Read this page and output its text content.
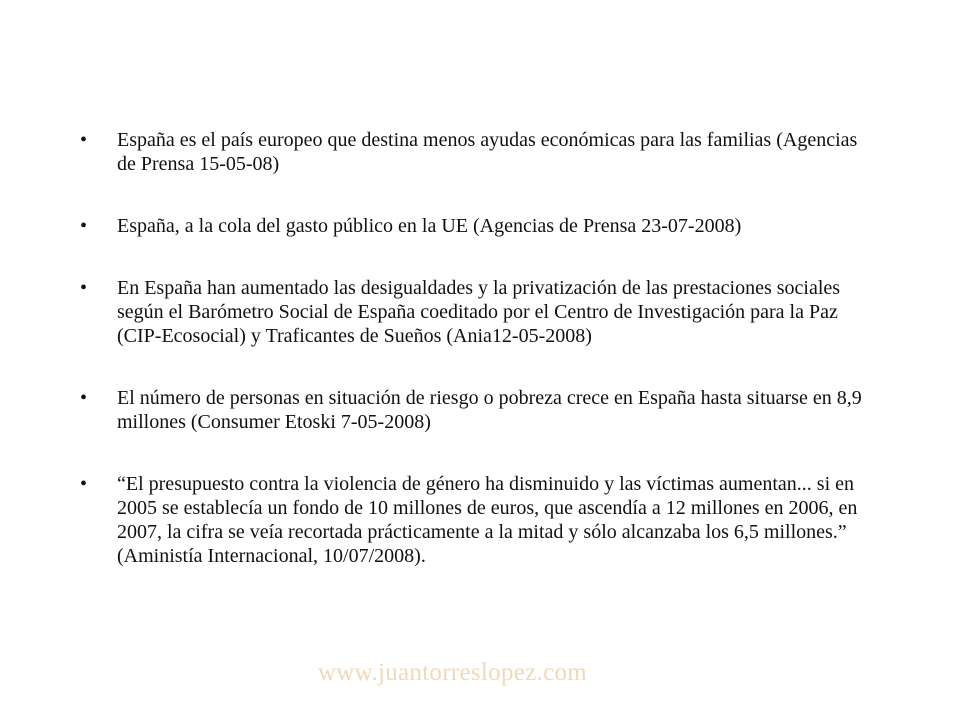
• España es el país europeo que destina menos ayudas económicas para las familias (Agencias de Prensa 15-05-08)
• España, a la cola del gasto público en la UE (Agencias de Prensa 23-07-2008)
• En España han aumentado las desigualdades y la privatización de las prestaciones sociales según el Barómetro Social de España coeditado por el Centro de Investigación para la Paz (CIP-Ecosocial) y Traficantes de Sueños (Ania12-05-2008)
• El número de personas en situación de riesgo o pobreza crece en España hasta situarse en 8,9 millones (Consumer Etoski 7-05-2008)
• “El presupuesto contra la violencia de género ha disminuido y las víctimas aumentan... si en 2005 se establecía un fondo de 10 millones de euros, que ascendía a 12 millones en 2006, en 2007, la cifra se veía recortada prácticamente a la mitad y sólo alcanzaba los 6,5 millones.” (Aministía Internacional, 10/07/2008).
www.juantorreslopez.com
